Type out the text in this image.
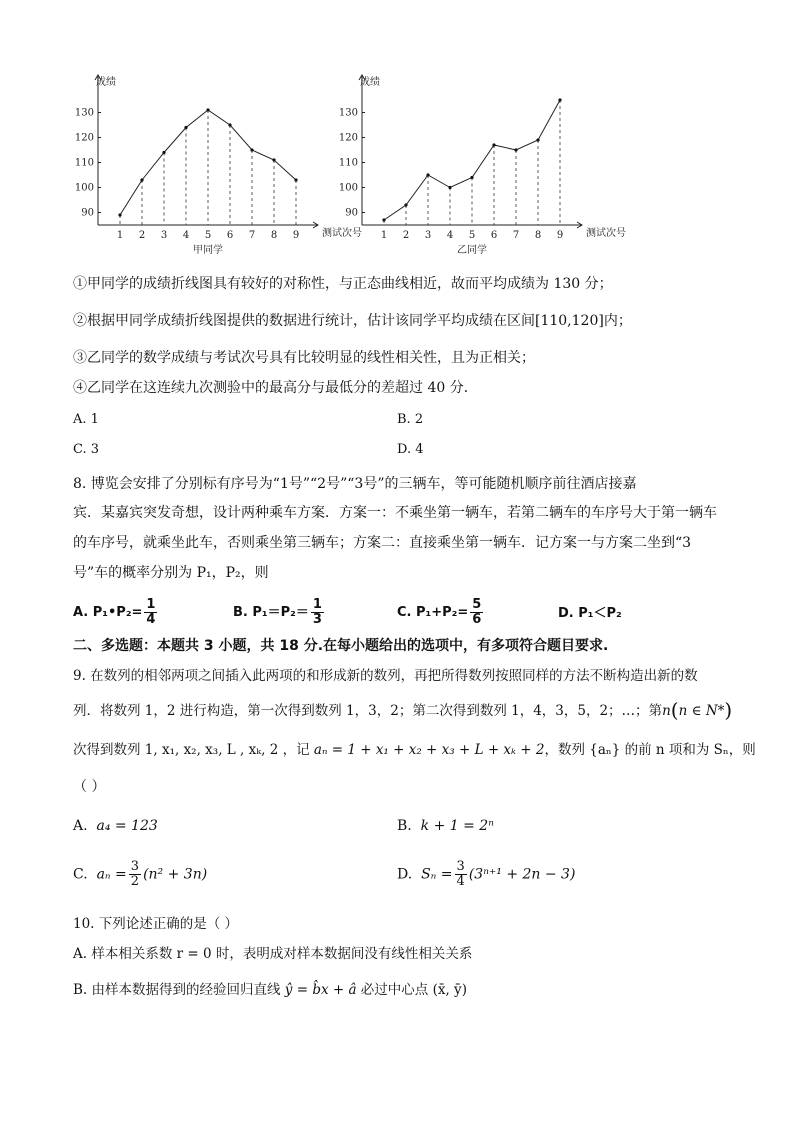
成绩
测试次号
甲同学
90
100
110
120
130
1 2 3 4 5 6 7 8 9
成绩
测试次号
乙同学
90
100
110
120
130
1 2 3 4 5 6 7 8 9
①甲同学的成绩折线图具有较好的对称性，与正态曲线相近，故而平均成绩为 130 分；
②根据甲同学成绩折线图提供的数据进行统计，估计该同学平均成绩在区间[110,120]内；
③乙同学的数学成绩与考试次号具有比较明显的线性相关性，且为正相关；
④乙同学在这连续九次测验中的最高分与最低分的差超过 40 分．
A. 1	B. 2
C. 3	D. 4
8. 博览会安排了分别标有序号为“1号”“2号”“3号”的三辆车，等可能随机顺序前往酒店接嘉
宾．某嘉宾突发奇想，设计两种乘车方案．方案一：不乘坐第一辆车，若第二辆车的车序号大于第一辆车
的车序号，就乘坐此车，否则乘坐第三辆车；方案二：直接乘坐第一辆车．记方案一与方案二坐到“3
号”车的概率分别为 P₁，P₂，则
A. P₁•P₂= $\frac{1}{4}$	B. $P_1=P_2= \frac{1}{3}$	C. $P_1+P_2= \frac{5}{6}$	D. P₁＜P₂
二、多选题：本题共 3 小题，共 18 分.在每小题给出的选项中，有多项符合题目要求.
9. 在数列的相邻两项之间插入此两项的和形成新的数列，再把所得数列按照同样的方法不断构造出新的数
列．将数列 1，2 进行构造，第一次得到数列 1，3，2；第二次得到数列 1，4，3，5，2；…；第n(n ∈ N*)
次得到数列 1, x₁, x₂, x₃, L , xₖ, 2 ，记 aₙ = 1 + x₁ + x₂ + x₃ + L + xₖ + 2，数列 {aₙ} 的前 n 项和为 Sₙ，则
（ ）
A. a₄ = 123	B. k + 1 = 2ⁿ
C. $a_n = \frac{3}{2} (n^2 + 3n)$	D. $S_n = \frac{3}{4} (3^{n+1} + 2n - 3)$
10. 下列论述正确的是（ ）
A. 样本相关系数 r = 0 时，表明成对样本数据间没有线性相关关系
B. 由样本数据得到的经验回归直线 ŷ = b̂x + â 必过中心点 (x̄, ȳ)
